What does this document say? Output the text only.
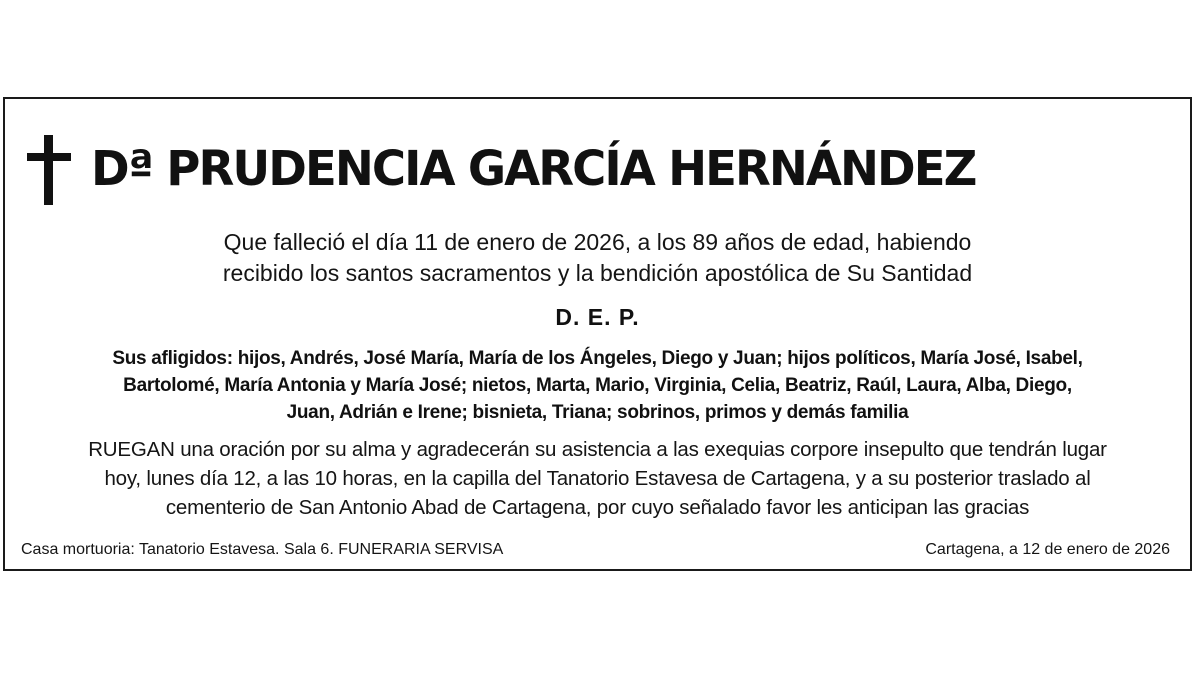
Dª PRUDENCIA GARCÍA HERNÁNDEZ
Que falleció el día 11 de enero de 2026, a los 89 años de edad, habiendo
recibido los santos sacramentos y la bendición apostólica de Su Santidad
D. E. P.
Sus afligidos: hijos, Andrés, José María, María de los Ángeles, Diego y Juan; hijos políticos, María José, Isabel,
Bartolomé, María Antonia y María José; nietos, Marta, Mario, Virginia, Celia, Beatriz, Raúl, Laura, Alba, Diego,
Juan, Adrián e Irene; bisnieta, Triana; sobrinos, primos y demás familia
RUEGAN una oración por su alma y agradecerán su asistencia a las exequias corpore insepulto que tendrán lugar
hoy, lunes día 12, a las 10 horas, en la capilla del Tanatorio Estavesa de Cartagena, y a su posterior traslado al
cementerio de San Antonio Abad de Cartagena, por cuyo señalado favor les anticipan las gracias
Casa mortuoria: Tanatorio Estavesa. Sala 6. FUNERARIA SERVISA	Cartagena, a 12 de enero de 2026
